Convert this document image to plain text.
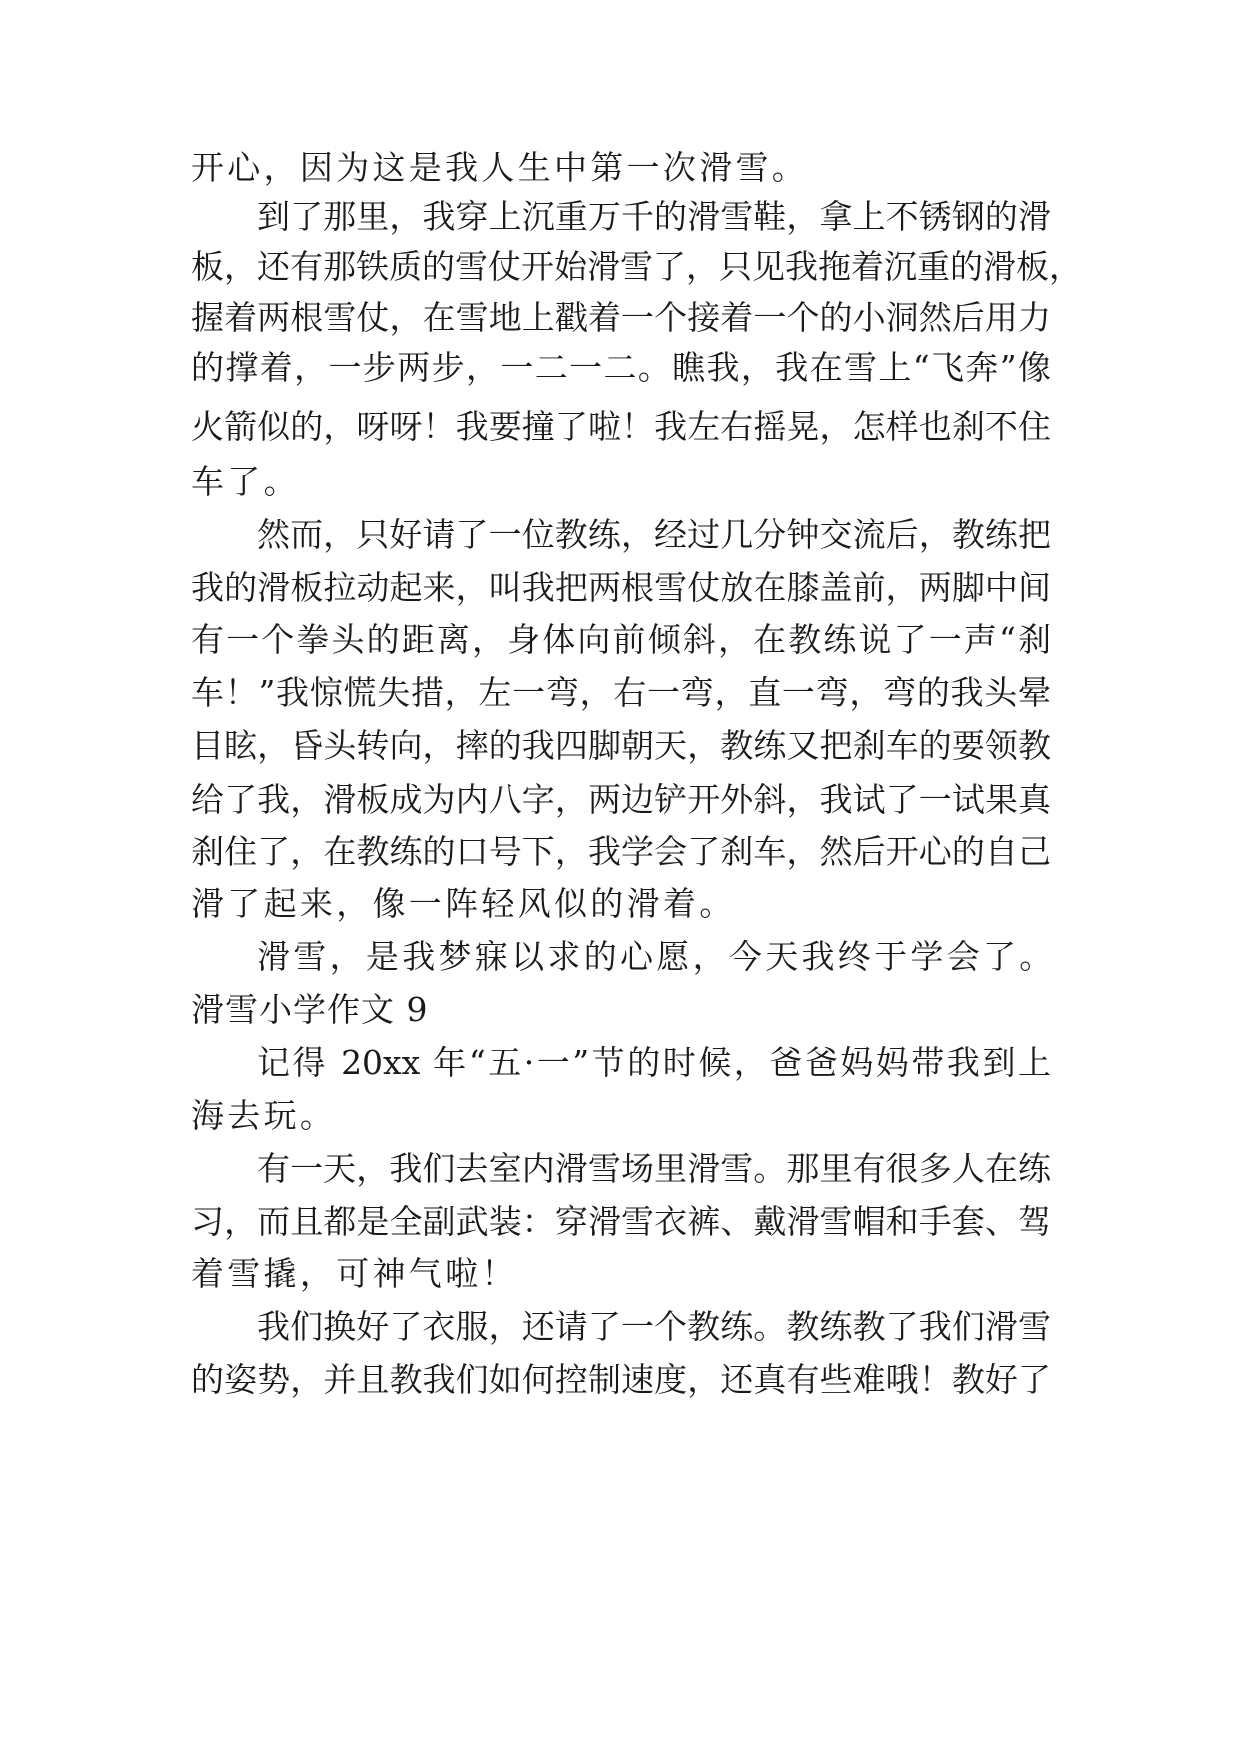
开心，因为这是我人生中第一次滑雪。
到了那里，我穿上沉重万千的滑雪鞋，拿上不锈钢的滑
板，还有那铁质的雪仗开始滑雪了，只见我拖着沉重的滑板，
握着两根雪仗，在雪地上戳着一个接着一个的小洞然后用力
的撑着，一步两步，一二一二。瞧我，我在雪上“飞奔”像
火箭似的，呀呀！我要撞了啦！我左右摇晃，怎样也刹不住
车了。
然而，只好请了一位教练，经过几分钟交流后，教练把
我的滑板拉动起来，叫我把两根雪仗放在膝盖前，两脚中间
有一个拳头的距离，身体向前倾斜，在教练说了一声“刹
车！”我惊慌失措，左一弯，右一弯，直一弯，弯的我头晕
目眩，昏头转向，摔的我四脚朝天，教练又把刹车的要领教
给了我，滑板成为内八字，两边铲开外斜，我试了一试果真
刹住了，在教练的口号下，我学会了刹车，然后开心的自己
滑了起来，像一阵轻风似的滑着。
滑雪，是我梦寐以求的心愿，今天我终于学会了。
滑雪小学作文 9
记得 20xx 年“五·一”节的时候，爸爸妈妈带我到上
海去玩。
有一天，我们去室内滑雪场里滑雪。那里有很多人在练
习，而且都是全副武装：穿滑雪衣裤、戴滑雪帽和手套、驾
着雪撬，可神气啦！
我们换好了衣服，还请了一个教练。教练教了我们滑雪
的姿势，并且教我们如何控制速度，还真有些难哦！教好了
